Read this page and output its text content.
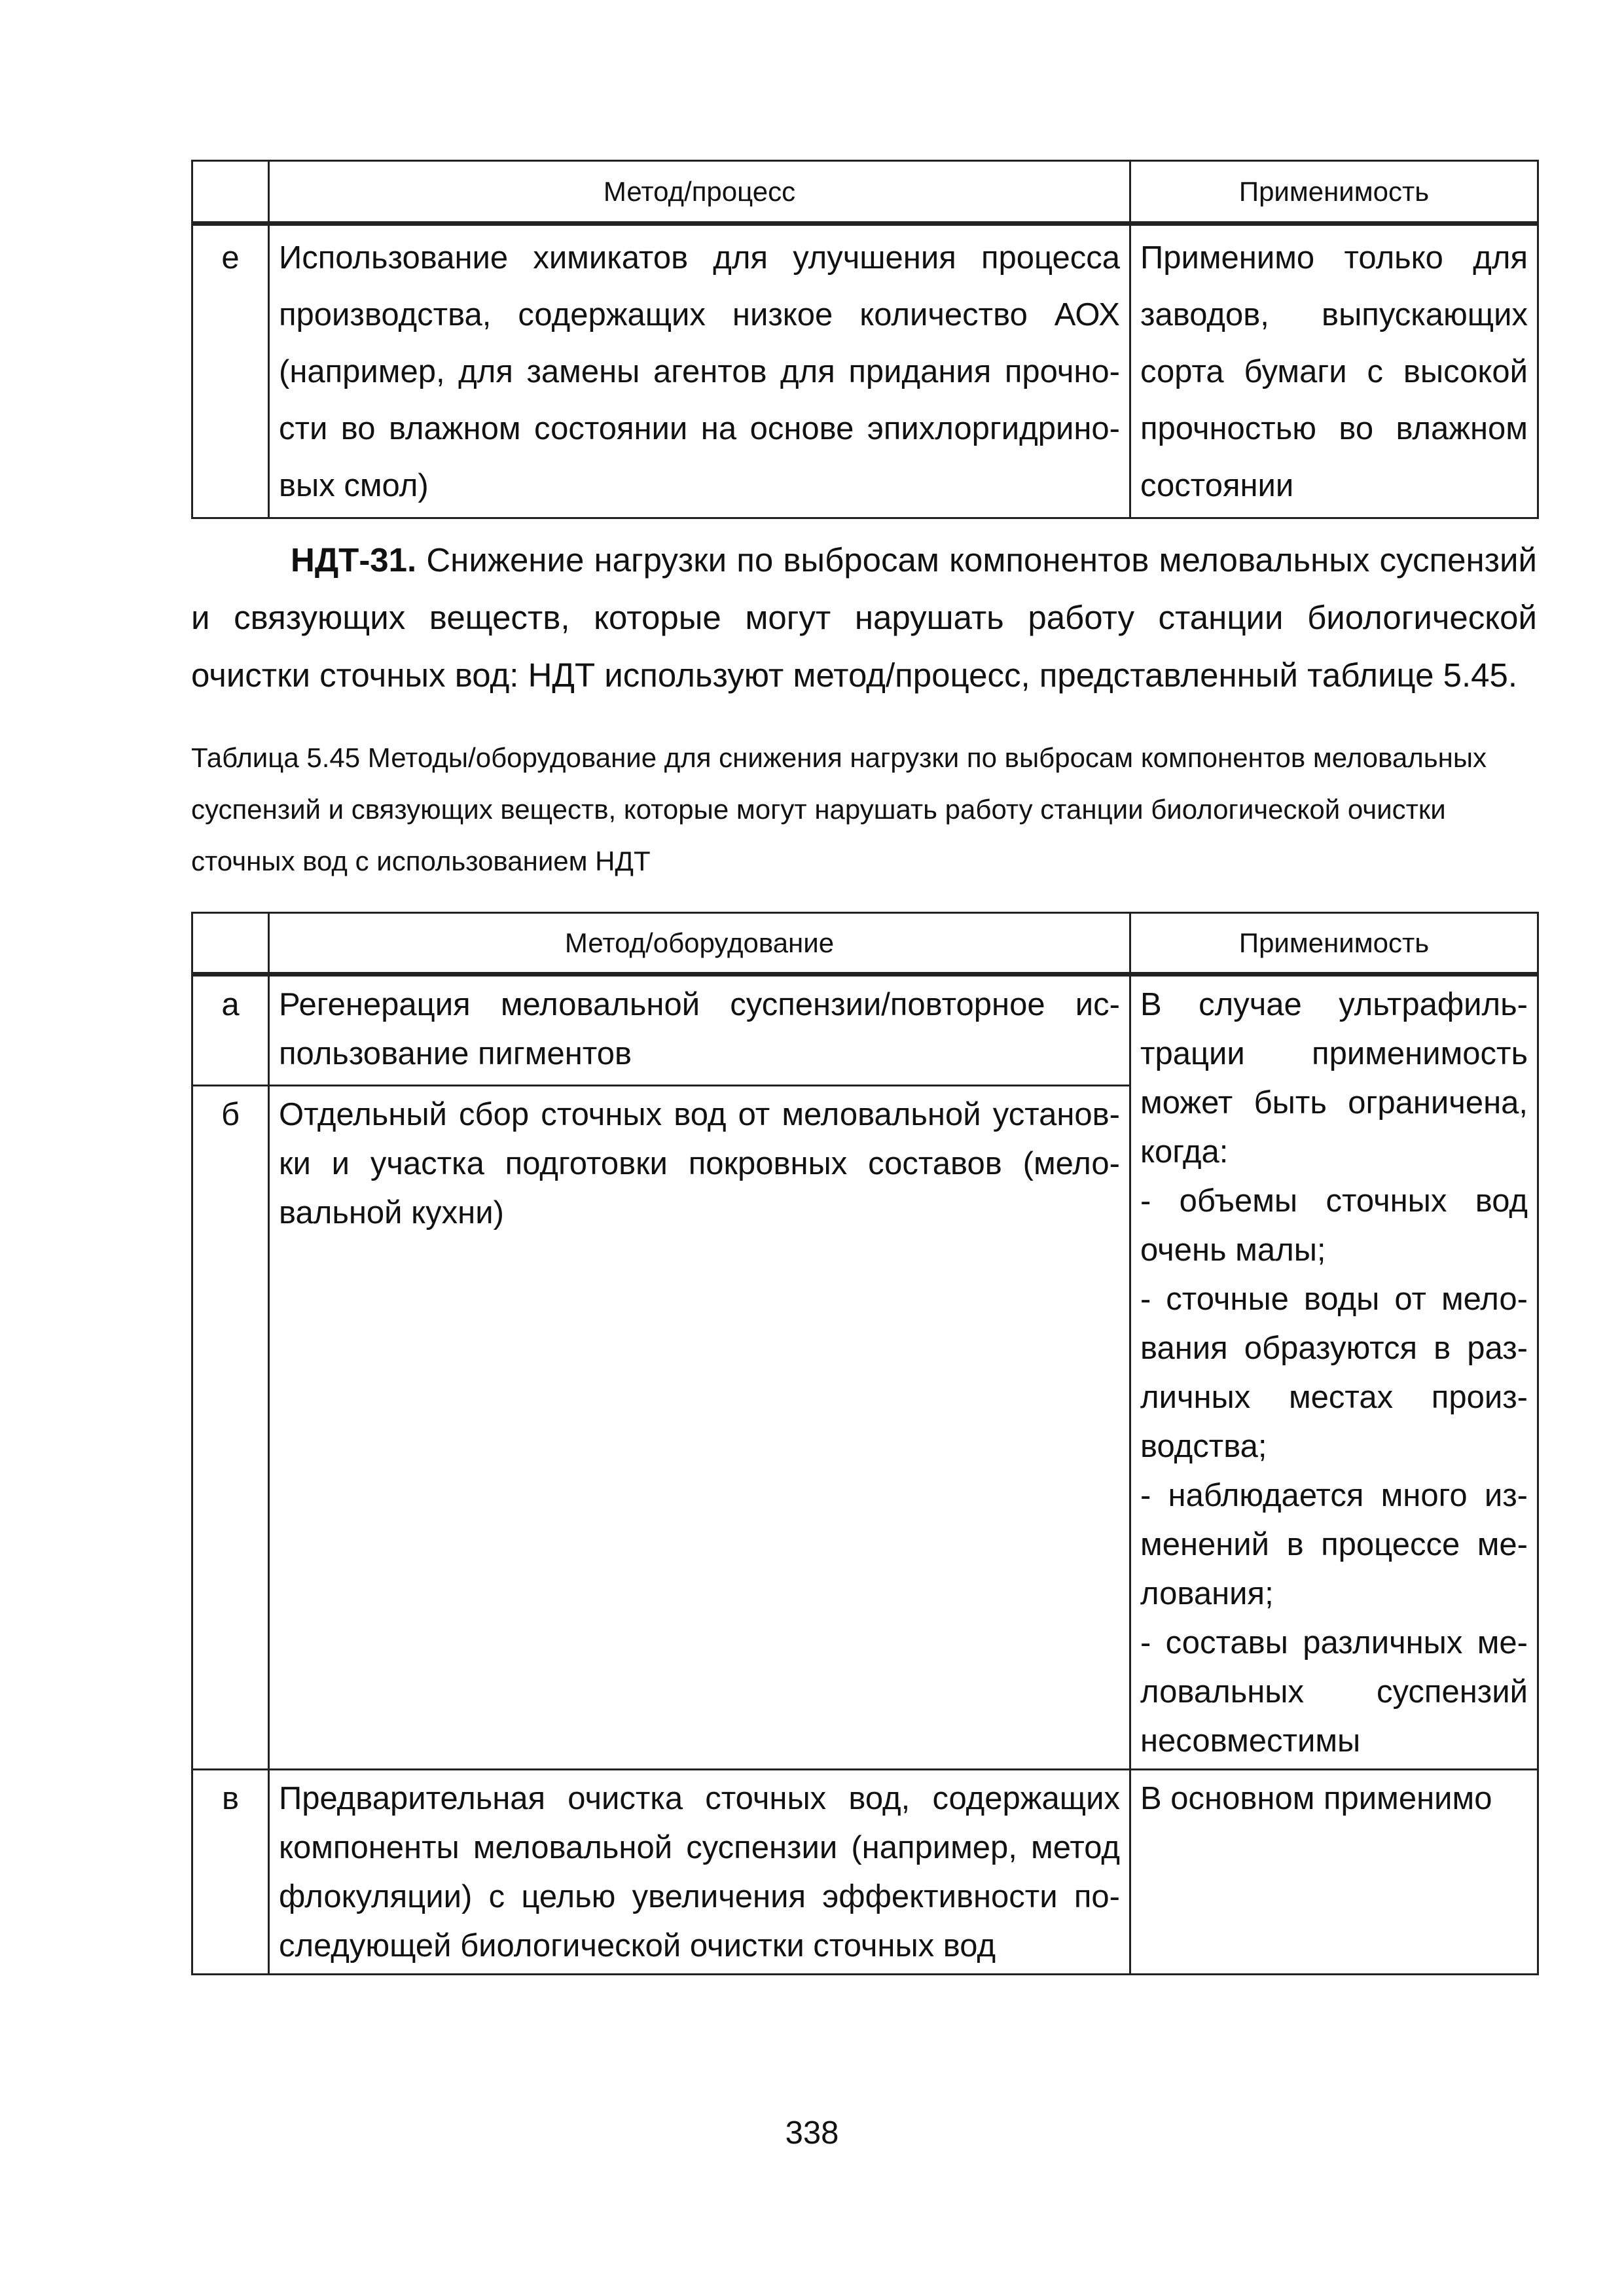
	Метод/процесс	Применимость
е	Использование химикатов для улучшения процесса производства, содержащих низкое количество АОХ (например, для замены агентов для придания прочно-сти во влажном состоянии на основе эпихлоргидрино-вых смол)	Применимо только для заводов, выпускающих сорта бумаги с высокой прочностью во влажном состоянии
НДТ-31. Снижение нагрузки по выбросам компонентов меловальных суспензий и связующих веществ, которые могут нарушать работу станции биологической очистки сточных вод: НДТ используют метод/процесс, представленный таблице 5.45.
Таблица 5.45 Методы/оборудование для снижения нагрузки по выбросам компонентов меловальных суспензий и связующих веществ, которые могут нарушать работу станции биологической очистки сточных вод с использованием НДТ
	Метод/оборудование	Применимость
а	Регенерация меловальной суспензии/повторное ис-пользование пигментов	В случае ультрафиль-трации применимость может быть ограничена, когда:
- объемы сточных вод очень малы;
- сточные воды от мело-вания образуются в раз-личных местах произ-водства;
- наблюдается много из-менений в процессе ме-лования;
- составы различных ме-ловальных суспензий несовместимы

б	Отдельный сбор сточных вод от меловальной установ-ки и участка подготовки покровных составов (мело-вальной кухни)	
в	Предварительная очистка сточных вод, содержащих компоненты меловальной суспензии (например, метод флокуляции) с целью увеличения эффективности по-следующей биологической очистки сточных вод	В основном применимо
338
